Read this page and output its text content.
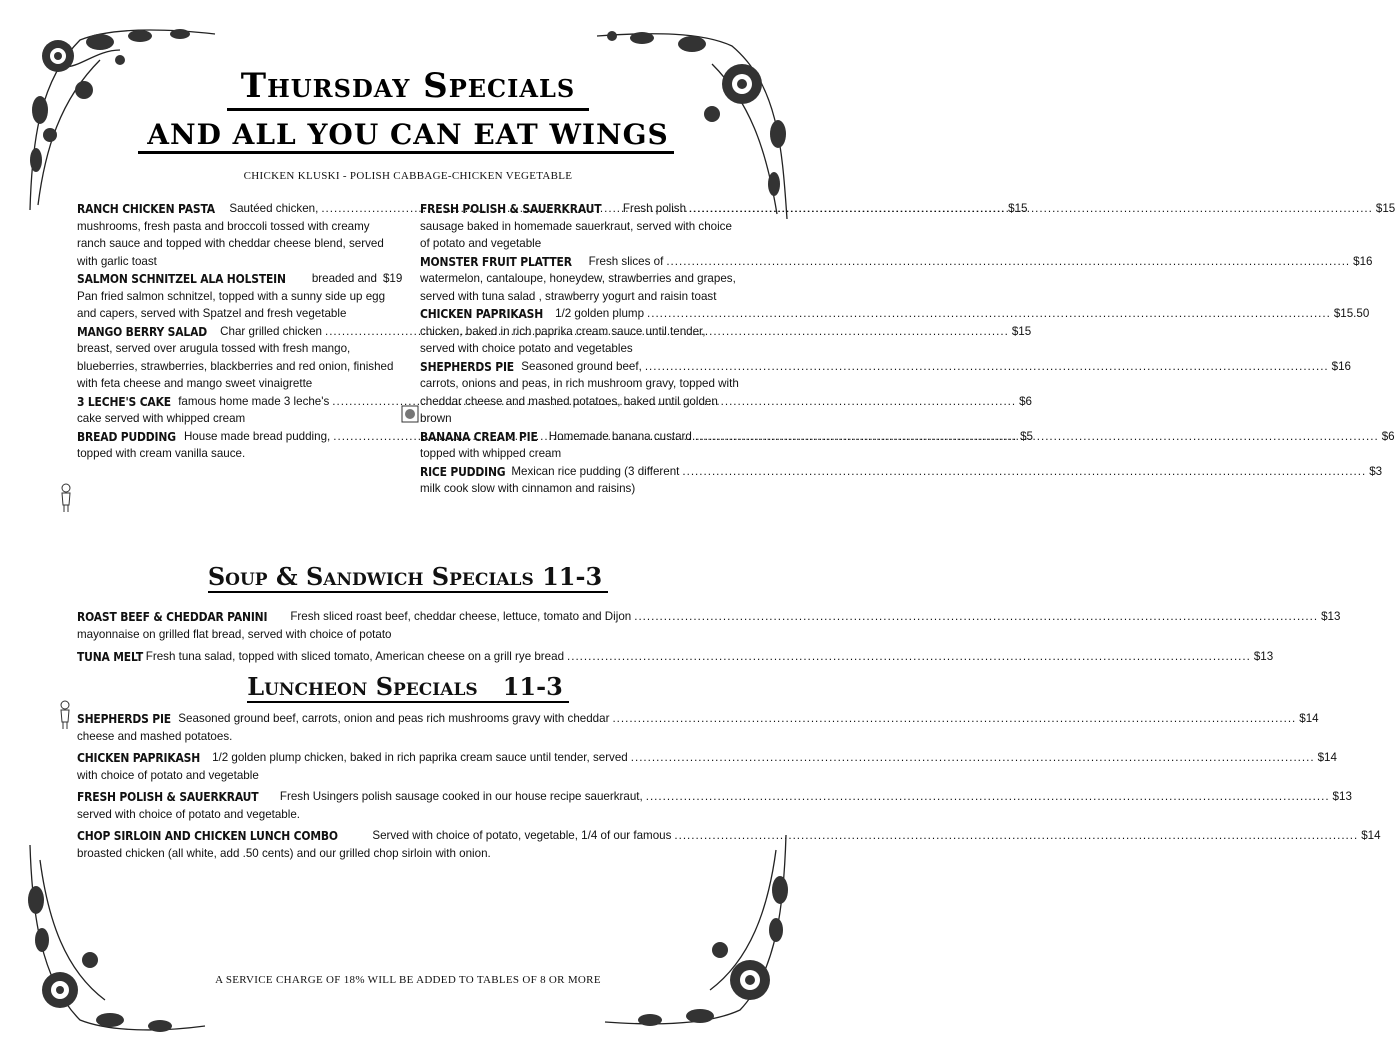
Thursday Specials
AND ALL YOU CAN EAT WINGS
CHICKEN KLUSKI - POLISH CABBAGE-CHICKEN VEGETABLE
RANCH CHICKEN PASTA Sautéed chicken, .....	$15
mushrooms, fresh pasta and broccoli tossed with creamy ranch sauce and topped with cheddar cheese blend, served with garlic toast
SALMON SCHNITZEL ALA HOLSTEIN breaded and $19
Pan fried salmon schnitzel, topped with a sunny side up egg and capers, served with Spatzel and fresh vegetable
MANGO BERRY SALAD Char grilled chicken .....	$15
breast, served over arugula tossed with fresh mango, blueberries, strawberries, blackberries and red onion, finished with feta cheese and mango sweet vinaigrette
3 LECHE'S CAKE famous home made 3 leche's .....	$6
cake served with whipped cream
BREAD PUDDING House made bread pudding, .....	$5
topped with cream vanilla sauce.
FRESH POLISH & SAUERKRAUT Fresh polish .....	$15
sausage baked in homemade sauerkraut, served with choice of potato and vegetable
MONSTER FRUIT PLATTER Fresh slices of .....	$16
watermelon, cantaloupe, honeydew, strawberries and grapes, served with tuna salad , strawberry yogurt and raisin toast
CHICKEN PAPRIKASH 1/2 golden plump .....	$15.50
chicken, baked in rich paprika cream sauce until tender, served with choice potato and vegetables
SHEPHERDS PIE Seasoned ground beef, .....	$16
carrots, onions and peas, in rich mushroom gravy, topped with cheddar cheese and mashed potatoes, baked until golden brown
BANANA CREAM PIE Homemade banana custard .....	$6
topped with whipped cream
RICE PUDDING Mexican rice pudding (3 different .....	$3
milk cook slow with cinnamon and raisins)
Soup & Sandwich Specials 11-3
ROAST BEEF & CHEDDAR PANINI Fresh sliced roast beef, cheddar cheese, lettuce, tomato and Dijon .....	$13
mayonnaise on grilled flat bread, served with choice of potato
TUNA MELT Fresh tuna salad, topped with sliced tomato, American cheese on a grill rye bread .....	$13
Luncheon Specials   11-3
SHEPHERDS PIE Seasoned ground beef, carrots, onion and peas rich mushrooms gravy with cheddar .....	$14
cheese and mashed potatoes.
CHICKEN PAPRIKASH 1/2 golden plump chicken, baked in rich paprika cream sauce until tender, served .....	$14
with choice of potato and vegetable
FRESH POLISH & SAUERKRAUT Fresh Usingers polish sausage cooked in our house recipe sauerkraut, .....	$13
served with choice of potato and vegetable.
CHOP SIRLOIN AND CHICKEN LUNCH COMBO	Served with choice of potato, vegetable, 1/4 of our famous .....	$14
broasted chicken (all white, add .50 cents) and our grilled chop sirloin with onion.
A SERVICE CHARGE OF 18% WILL BE ADDED TO TABLES OF 8 OR MORE
